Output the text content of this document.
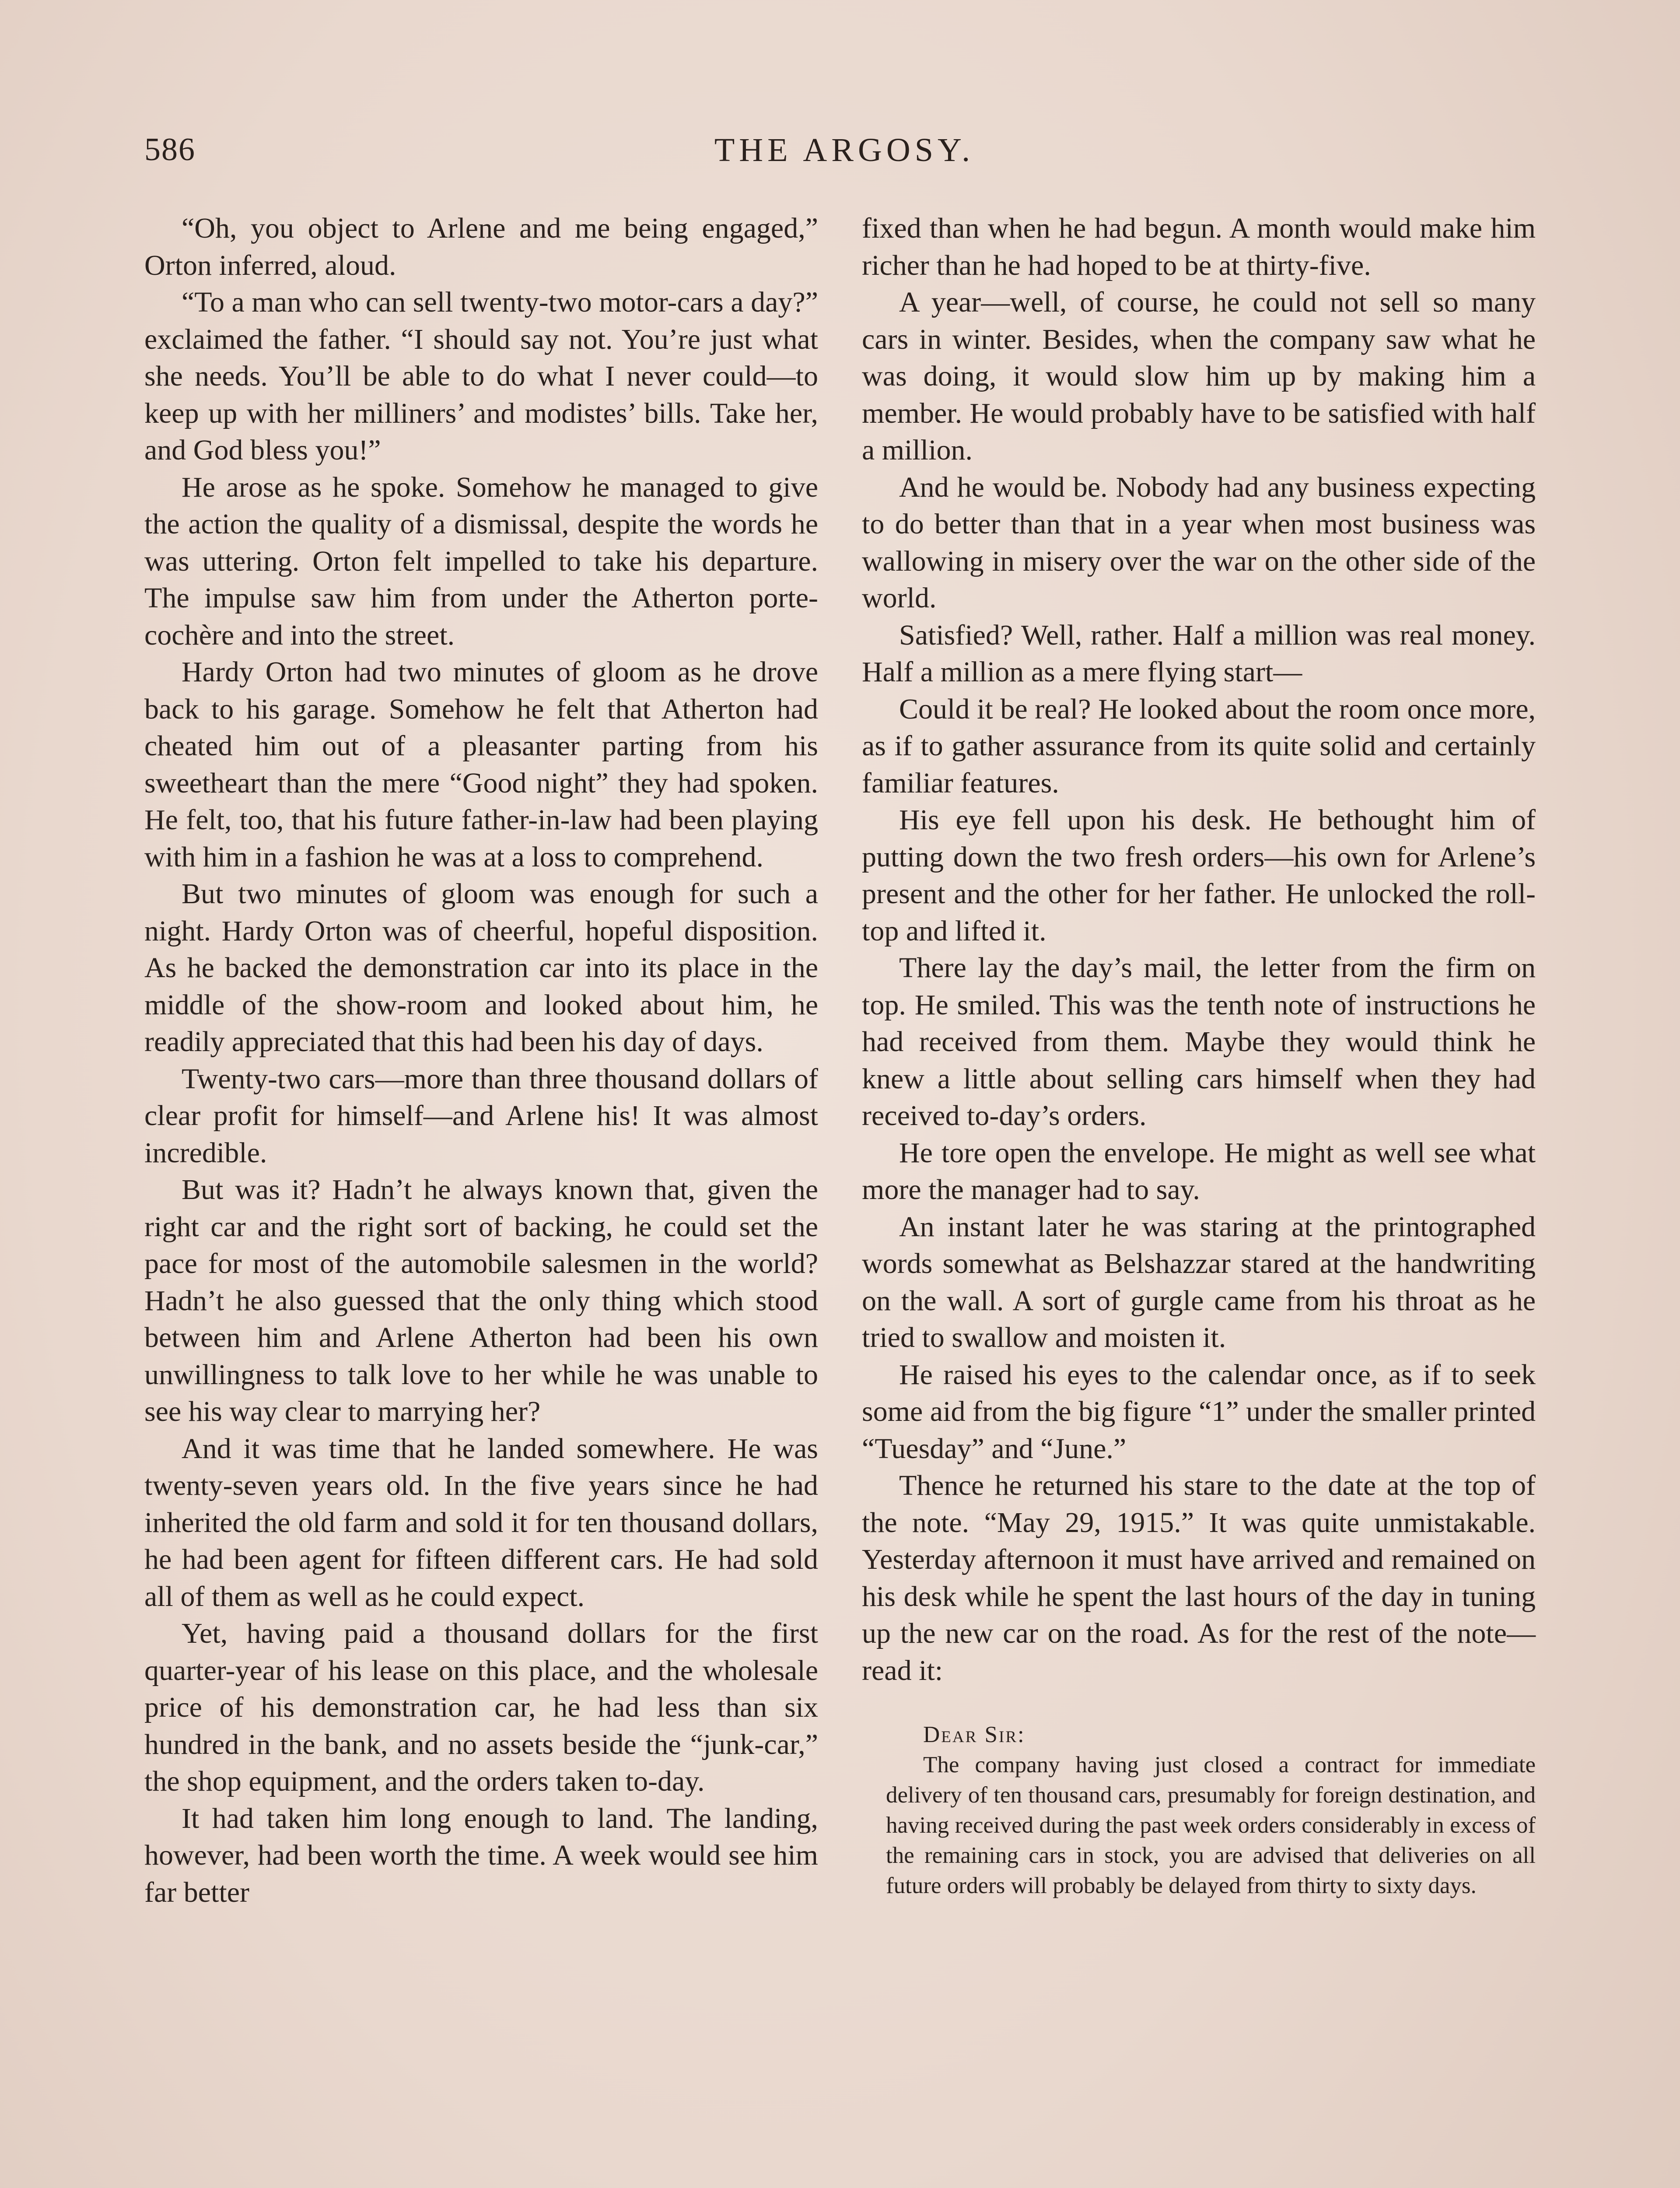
586	THE ARGOSY.

“Oh, you object to Arlene and me being engaged,” Orton inferred, aloud.

“To a man who can sell twenty-two motor-cars a day?” exclaimed the father. “I should say not. You’re just what she needs. You’ll be able to do what I never could—to keep up with her milliners’ and modistes’ bills. Take her, and God bless you!”

He arose as he spoke. Somehow he managed to give the action the quality of a dismissal, despite the words he was uttering. Orton felt impelled to take his departure. The impulse saw him from under the Atherton porte-cochère and into the street.

Hardy Orton had two minutes of gloom as he drove back to his garage. Somehow he felt that Atherton had cheated him out of a pleasanter parting from his sweetheart than the mere “Good night” they had spoken. He felt, too, that his future father-in-law had been playing with him in a fashion he was at a loss to comprehend.

But two minutes of gloom was enough for such a night. Hardy Orton was of cheerful, hopeful disposition. As he backed the demonstration car into its place in the middle of the show-room and looked about him, he readily appreciated that this had been his day of days.

Twenty-two cars—more than three thousand dollars of clear profit for himself—and Arlene his! It was almost incredible.

But was it? Hadn’t he always known that, given the right car and the right sort of backing, he could set the pace for most of the automobile salesmen in the world? Hadn’t he also guessed that the only thing which stood between him and Arlene Atherton had been his own unwillingness to talk love to her while he was unable to see his way clear to marrying her?

And it was time that he landed somewhere. He was twenty-seven years old. In the five years since he had inherited the old farm and sold it for ten thousand dollars, he had been agent for fifteen different cars. He had sold all of them as well as he could expect.

Yet, having paid a thousand dollars for the first quarter-year of his lease on this place, and the wholesale price of his demonstration car, he had less than six hundred in the bank, and no assets beside the “junk-car,” the shop equipment, and the orders taken to-day.

It had taken him long enough to land. The landing, however, had been worth the time. A week would see him far better

fixed than when he had begun. A month would make him richer than he had hoped to be at thirty-five.

A year—well, of course, he could not sell so many cars in winter. Besides, when the company saw what he was doing, it would slow him up by making him a member. He would probably have to be satisfied with half a million.

And he would be. Nobody had any business expecting to do better than that in a year when most business was wallowing in misery over the war on the other side of the world.

Satisfied? Well, rather. Half a million was real money. Half a million as a mere flying start—

Could it be real? He looked about the room once more, as if to gather assurance from its quite solid and certainly familiar features.

His eye fell upon his desk. He bethought him of putting down the two fresh orders—his own for Arlene’s present and the other for her father. He unlocked the roll-top and lifted it.

There lay the day’s mail, the letter from the firm on top. He smiled. This was the tenth note of instructions he had received from them. Maybe they would think he knew a little about selling cars himself when they had received to-day’s orders.

He tore open the envelope. He might as well see what more the manager had to say.

An instant later he was staring at the printographed words somewhat as Belshazzar stared at the handwriting on the wall. A sort of gurgle came from his throat as he tried to swallow and moisten it.

He raised his eyes to the calendar once, as if to seek some aid from the big figure “1” under the smaller printed “Tuesday” and “June.”

Thence he returned his stare to the date at the top of the note. “May 29, 1915.” It was quite unmistakable. Yesterday afternoon it must have arrived and remained on his desk while he spent the last hours of the day in tuning up the new car on the road. As for the rest of the note—read it:

Dear Sir:

The company having just closed a contract for immediate delivery of ten thousand cars, presumably for foreign destination, and having received during the past week orders considerably in excess of the remaining cars in stock, you are advised that deliveries on all future orders will probably be delayed from thirty to sixty days.
